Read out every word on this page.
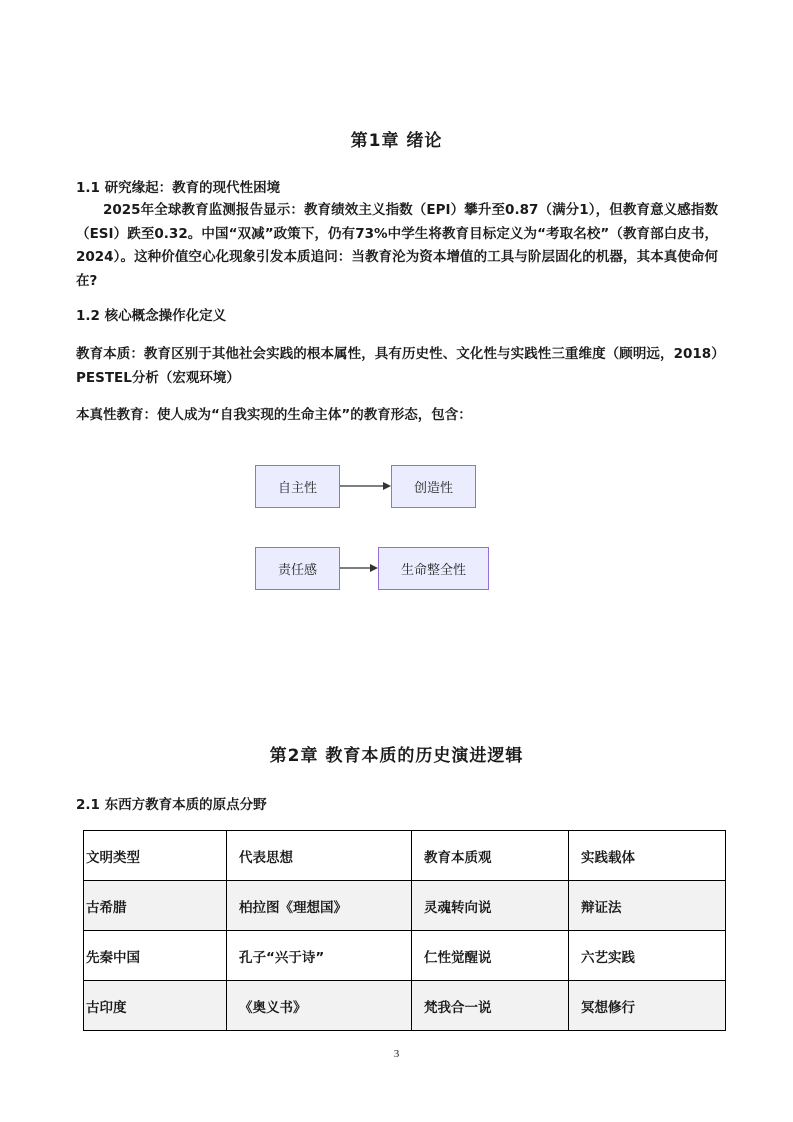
第1章 绪论
1.1 研究缘起：教育的现代性困境
2025年全球教育监测报告显示：教育绩效主义指数（EPI）攀升至0.87（满分1），但教育意义感指数（ESI）跌至0.32。中国“双减”政策下，仍有73%中学生将教育目标定义为“考取名校”（教育部白皮书，2024）。这种价值空心化现象引发本质追问：当教育沦为资本增值的工具与阶层固化的机器，其本真使命何在?
1.2 核心概念操作化定义
教育本质：教育区别于其他社会实践的根本属性，具有历史性、文化性与实践性三重维度（顾明远，2018）PESTEL分析（宏观环境）
本真性教育：使人成为“自我实现的生命主体”的教育形态，包含：
自主性	创造性
责任感	生命整全性
第2章 教育本质的历史演进逻辑
2.1 东西方教育本质的原点分野
文明类型	代表思想	教育本质观	实践载体
古希腊	柏拉图《理想国》	灵魂转向说	辩证法
先秦中国	孔子“兴于诗”	仁性觉醒说	六艺实践
古印度	《奥义书》	梵我合一说	冥想修行
3
